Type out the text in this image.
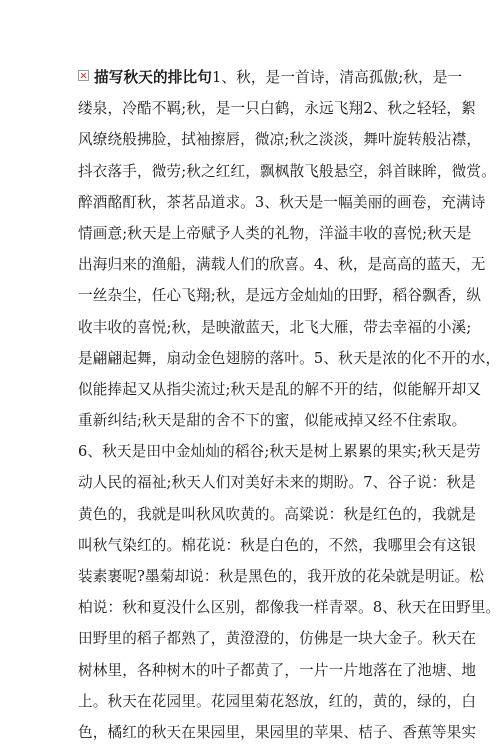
描写秋天的排比句1、秋，是一首诗，清高孤傲;秋，是一
缕泉，冷酷不羁;秋，是一只白鹤，永远飞翔2、秋之轻轻，絮
风缭绕般拂脸，拭袖擦唇，微凉;秋之淡淡，舞叶旋转般沾襟，
抖衣落手，微劳;秋之红红，飘枫散飞般悬空，斜首睐眸，微赏。
醉酒酩酊秋，茶茗品道求。3、秋天是一幅美丽的画卷，充满诗
情画意;秋天是上帝赋予人类的礼物，洋溢丰收的喜悦;秋天是
出海归来的渔船，满载人们的欣喜。4、秋，是高高的蓝天，无
一丝杂尘，任心飞翔;秋，是远方金灿灿的田野，稻谷飘香，纵
收丰收的喜悦;秋，是映澈蓝天，北飞大雁，带去幸福的小溪;
是翩翩起舞，扇动金色翅膀的落叶。5、秋天是浓的化不开的水，
似能捧起又从指尖流过;秋天是乱的解不开的结，似能解开却又
重新纠结;秋天是甜的舍不下的蜜，似能戒掉又经不住索取。
6、秋天是田中金灿灿的稻谷;秋天是树上累累的果实;秋天是劳
动人民的福祉;秋天人们对美好未来的期盼。7、谷子说：秋是
黄色的，我就是叫秋风吹黄的。高粱说：秋是红色的，我就是
叫秋气染红的。棉花说：秋是白色的，不然，我哪里会有这银
装素裹呢?墨菊却说：秋是黑色的，我开放的花朵就是明证。松
柏说：秋和夏没什么区别，都像我一样青翠。8、秋天在田野里。
田野里的稻子都熟了，黄澄澄的，仿佛是一块大金子。秋天在
树林里，各种树木的叶子都黄了，一片一片地落在了池塘、地
上。秋天在花园里。花园里菊花怒放，红的，黄的，绿的，白
色，橘红的秋天在果园里，果园里的苹果、桔子、香蕉等果实
